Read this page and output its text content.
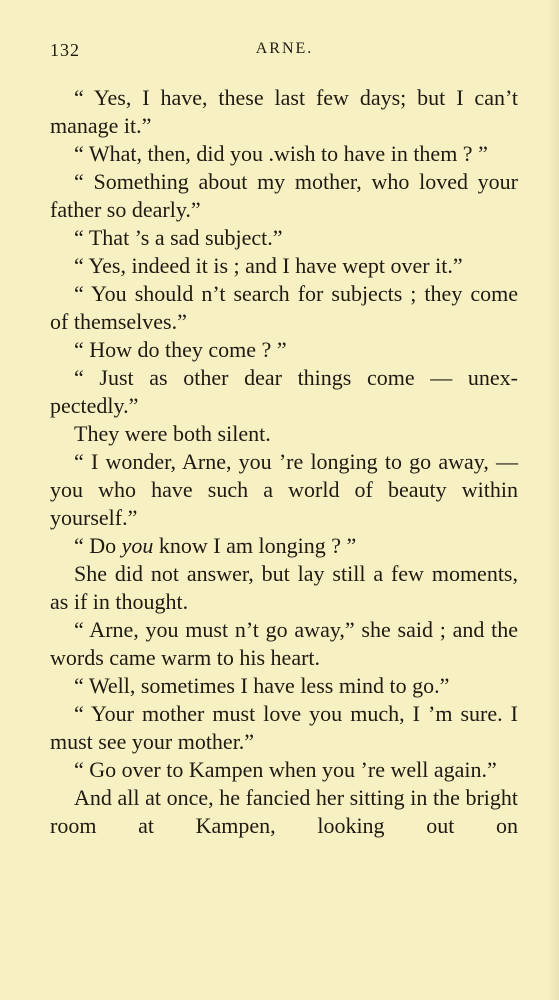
132	ARNE.

“ Yes, I have, these last few days; but I can’t manage it.”

“ What, then, did you .wish to have in them ? ”

“ Something about my mother, who loved your father so dearly.”

“ That ’s a sad subject.”

“ Yes, indeed it is ; and I have wept over it.”

“ You should n’t search for subjects ; they come of themselves.”

“ How do they come ? ”

“ Just as other dear things come — unex-pectedly.”

They were both silent.

“ I wonder, Arne, you ’re longing to go away, — you who have such a world of beauty within yourself.”

“ Do you know I am longing ? ”

She did not answer, but lay still a few moments, as if in thought.

“ Arne, you must n’t go away,” she said ; and the words came warm to his heart.

“ Well, sometimes I have less mind to go.”

“ Your mother must love you much, I ’m sure. I must see your mother.”

“ Go over to Kampen when you ’re well again.”

And all at once, he fancied her sitting in the bright room at Kampen, looking out on
